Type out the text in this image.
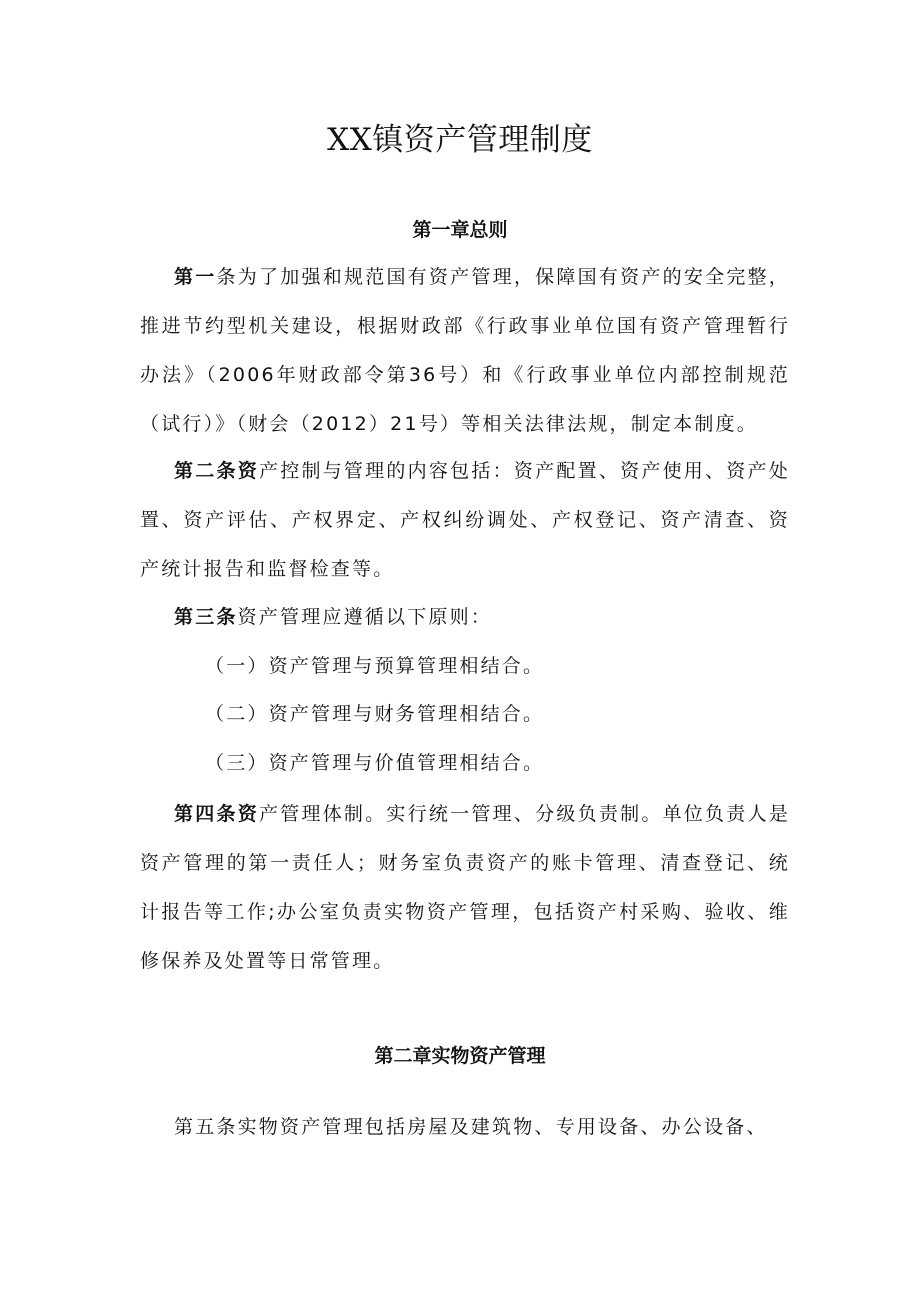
XX镇资产管理制度
第一章总则

第一条为了加强和规范国有资产管理，保障国有资产的安全完整，推进节约型机关建设，根据财政部《行政事业单位国有资产管理暂行办法》（2006年财政部令第36号）和《行政事业单位内部控制规范（试行）》（财会（2012）21号）等相关法律法规，制定本制度。

第二条资产控制与管理的内容包括：资产配置、资产使用、资产处置、资产评估、产权界定、产权纠纷调处、产权登记、资产清查、资产统计报告和监督检查等。

第三条资产管理应遵循以下原则：

（一）资产管理与预算管理相结合。
（二）资产管理与财务管理相结合。
（三）资产管理与价值管理相结合。

第四条资产管理体制。实行统一管理、分级负责制。单位负责人是资产管理的第一责任人；财务室负责资产的账卡管理、清查登记、统计报告等工作;办公室负责实物资产管理，包括资产村采购、验收、维修保养及处置等日常管理。

第二章实物资产管理

第五条实物资产管理包括房屋及建筑物、专用设备、办公设备、
